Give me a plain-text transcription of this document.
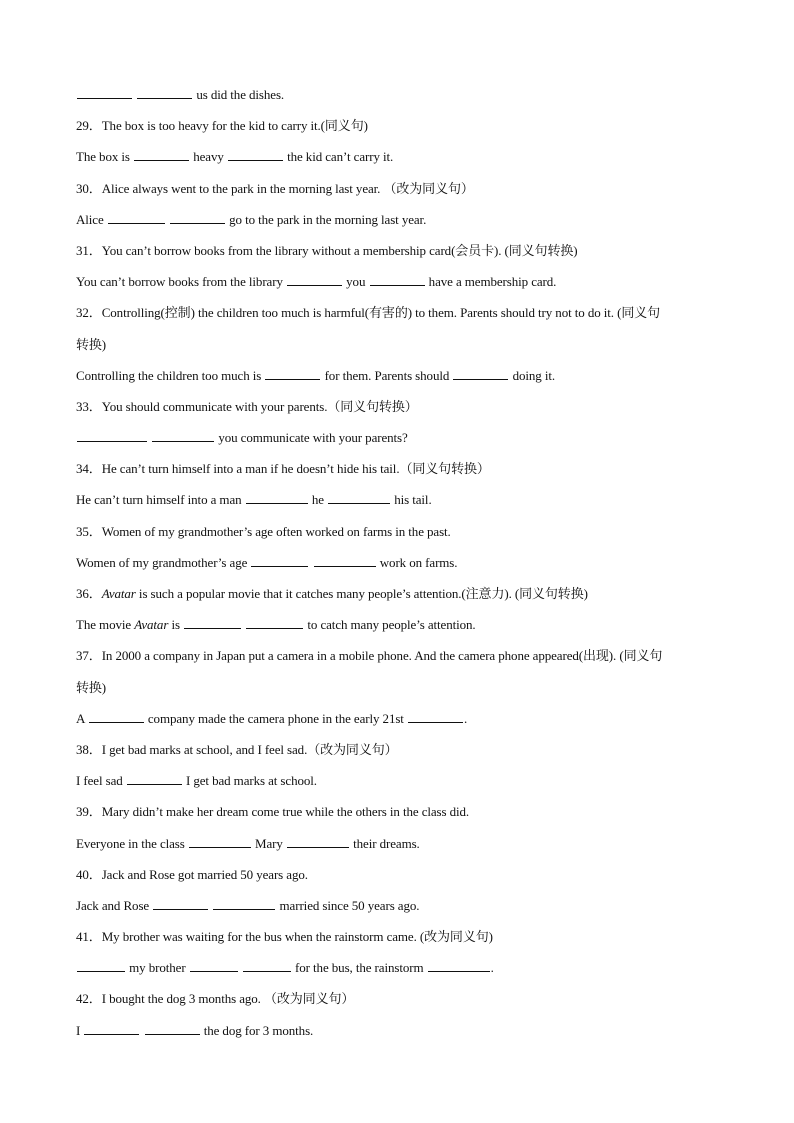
us did the dishes.
29．The box is too heavy for the kid to carry it.(同义句)
The box is	heavy	the kid can’t carry it.
30．Alice always went to the park in the morning last year. （改为同义句）
Alice	go to the park in the morning last year.
31．You can’t borrow books from the library without a membership card(会员卡). (同义句转换)
You can’t borrow books from the library	you	have a membership card.
32．Controlling(控制) the children too much is harmful(有害的) to them. Parents should try not to do it. (同义句
转换)
Controlling the children too much is	for them. Parents should	doing it.
33．You should communicate with your parents.（同义句转换）
you communicate with your parents?
34．He can’t turn himself into a man if he doesn’t hide his tail.（同义句转换）
He can’t turn himself into a man	he	his tail.
35．Women of my grandmother’s age often worked on farms in the past.
Women of my grandmother’s age	work on farms.
36．Avatar is such a popular movie that it catches many people’s attention.(注意力). (同义句转换)
The movie Avatar is	to catch many people’s attention.
37．In 2000 a company in Japan put a camera in a mobile phone. And the camera phone appeared(出现). (同义句
转换)
A	company made the camera phone in the early 21st	.
38．I get bad marks at school, and I feel sad.（改为同义句）
I feel sad	I get bad marks at school.
39．Mary didn’t make her dream come true while the others in the class did.
Everyone in the class	Mary	their dreams.
40．Jack and Rose got married 50 years ago.
Jack and Rose	married since 50 years ago.
41．My brother was waiting for the bus when the rainstorm came. (改为同义句)
my brother	for the bus, the rainstorm	.
42．I bought the dog 3 months ago. （改为同义句）
I	the dog for 3 months.
